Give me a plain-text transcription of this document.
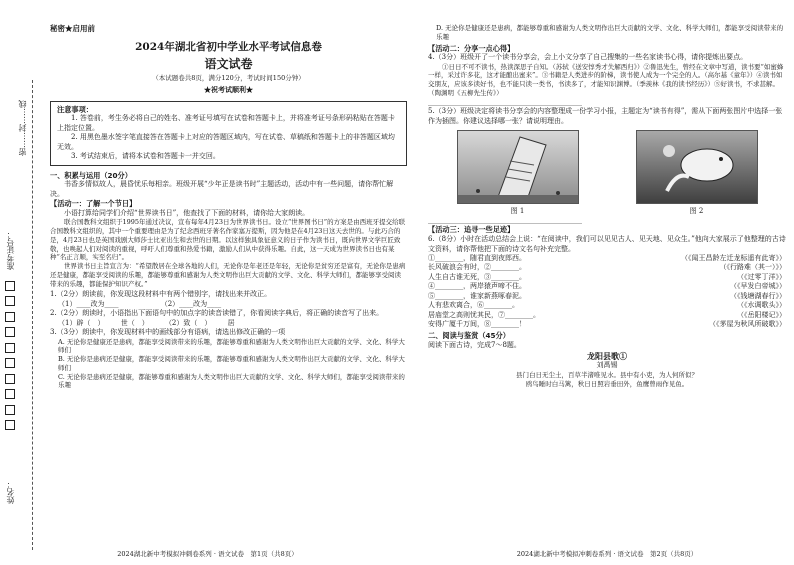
密……封……线
准考证号：
姓名：

秘密★启用前

2024年湖北省初中学业水平考试信息卷

语文试卷

（本试题卷共8页，满分120分，考试时间150分钟）

★祝考试顺利★

注意事项：

1. 答卷前，考生务必将自己的姓名、准考证号填写在试卷和答题卡上，并将准考证号条形码粘贴在答题卡上指定位置。

2. 用黑色墨水签字笔直接答在答题卡上对应的答题区域内，写在试卷、草稿纸和答题卡上的非答题区域均无效。

3. 考试结束后，请将本试卷和答题卡一并交回。

一、积累与运用（20分）

书香多情似故人，晨昏忧乐每相亲。班级开展“少年正是读书时”主题活动，活动中有一些问题，请你帮忙解决。

【活动一：了解一个节日】

小语打算给同学们介绍“世界读书日”，他查找了下面的材料，请你给大家朗读。

联合国教科文组织于1995年通过决议，宣布每年4月23日为世界读书日。设立“世界图书日”的方案是由西班牙提交给联合国教科文组织的，其中一个重要理由是为了纪念西班牙著名作家塞万提斯，因为他是在4月23日这天去世的。与此巧合的是，4月23日也是英国戏剧大师莎士比亚出生和去世的日期。以这样独具象征意义的日子作为读书日，既向世界文学巨匠致敬，也唤起人们对阅读的重视，呼吁人们尊重和热爱书籍，激励人们从中获得乐趣。自此，这一天成为世界读书日也有某种“名正言顺，实至名归”。

世界读书日主旨宣言为：“希望散居在全球各地的人们，无论你是年老还是年轻，无论你是贫穷还是富有，无论你是患病还是健康，都能享受阅读的乐趣，都能够尊重和感谢为人类文明作出巨大贡献的文学、文化、科学大师们，都能够享受阅读带来的乐趣，都能保护知识产权。”

1.（2分）朗读前，你发现这段材料中有两个错别字，请找出来并改正。

（1）____改为____	（2）____改为____

2.（2分）朗读时，小语指出下面语句中的加点字的读音读错了，你看阅读字典后，将正确的读音写了出来。

（1）辟（　） 世（　） （2）致（　） 居

3.（3分）朗读中，你发现材料中的画线部分有语病，请选出修改正确的一项

A. 无论你是健康还是患病，都能享受阅读带来的乐趣，都能够尊重和感谢为人类文明作出巨大贡献的文学、文化、科学大师们

B. 无论你是患病还是健康，都能享受阅读带来的乐趣，都能够尊重和感谢为人类文明作出巨大贡献的文学、文化、科学大师们

C. 无论你是患病还是健康，都能够尊重和感谢为人类文明作出巨大贡献的文学、文化、科学大师们，都能享受阅读带来的乐趣

2024湖北新中考模拟冲刺卷系列 · 语文试卷　第1页（共8页）

D. 无论你是健康还是患病，都能够尊重和感谢为人类文明作出巨大贡献的文学、文化、科学大师们，都能享受阅读带来的乐趣

【活动二：分享一点心得】

4.（3分）班级开了一个读书分享会，会上小文分享了自己搜集的一些名家读书心得，请你提炼出要点。

①日日不可不读书，热读深思子自知。（苏轼《送安惇秀才失解西归》）②鲁迅先生，曾经在文章中写道，读书要“如蜜蜂一样，采过许多花，这才能酿出蜜来”。③书籍是人类进步的阶梯，读书使人成为一个完全的人。（高尔基《童年》）④读书如交朋友，应该多读好书，也不能只读一类书，书读多了，才能知识渊博。（季羡林《我的读书经历》）⑤好读书，不求甚解。（陶渊明《五柳先生传》）

____________________________________________

5.（3分）班级决定将读书分享会的内容整理成一份学习小报，主题定为“读书有得”，需从下面两张图片中选择一张作为插图。你建议选择哪一张？请说明理由。

图 1	图 2

____________________________________________

【活动三：追寻一些足迹】

6.（8分）小时在活动总结会上说：“在阅读中，我们可以见见古人、见天地、见众生。”他向大家展示了他整理的古诗文资料，请你帮他把下面的诗文名句补充完整。

①________，随君直到夜郎西。	（《闻王昌龄左迁龙标遥有此寄》）
长风破浪会有时，②________。	（《行路难（其一）》）
人生自古谁无死，③________。	（《过零丁洋》）
④________，两岸猿声啼不住。	（《早发白帝城》）
⑤________，谁家新燕啄春泥。	（《钱塘湖春行》）
人有悲欢离合，⑥________。	（《水调歌头》）
居庙堂之高则忧其民，⑦________。	（《岳阳楼记》）
安得广厦千万间，⑧________！	（《茅屋为秋风所破歌》）

二、阅读与鉴赏（45分）

阅读下面古诗，完成7～8题。

龙阳县歌①

刘禹锡

县门白日无尘土，百草半渚唯见水。县中有小吏，为人何所似？

鸥鸟睡时白马篱，秋日日照岩垂田外，鱼鹰曾雨作见鱼。

2024湖北新中考模拟冲刺卷系列 · 语文试卷　第2页（共8页）
